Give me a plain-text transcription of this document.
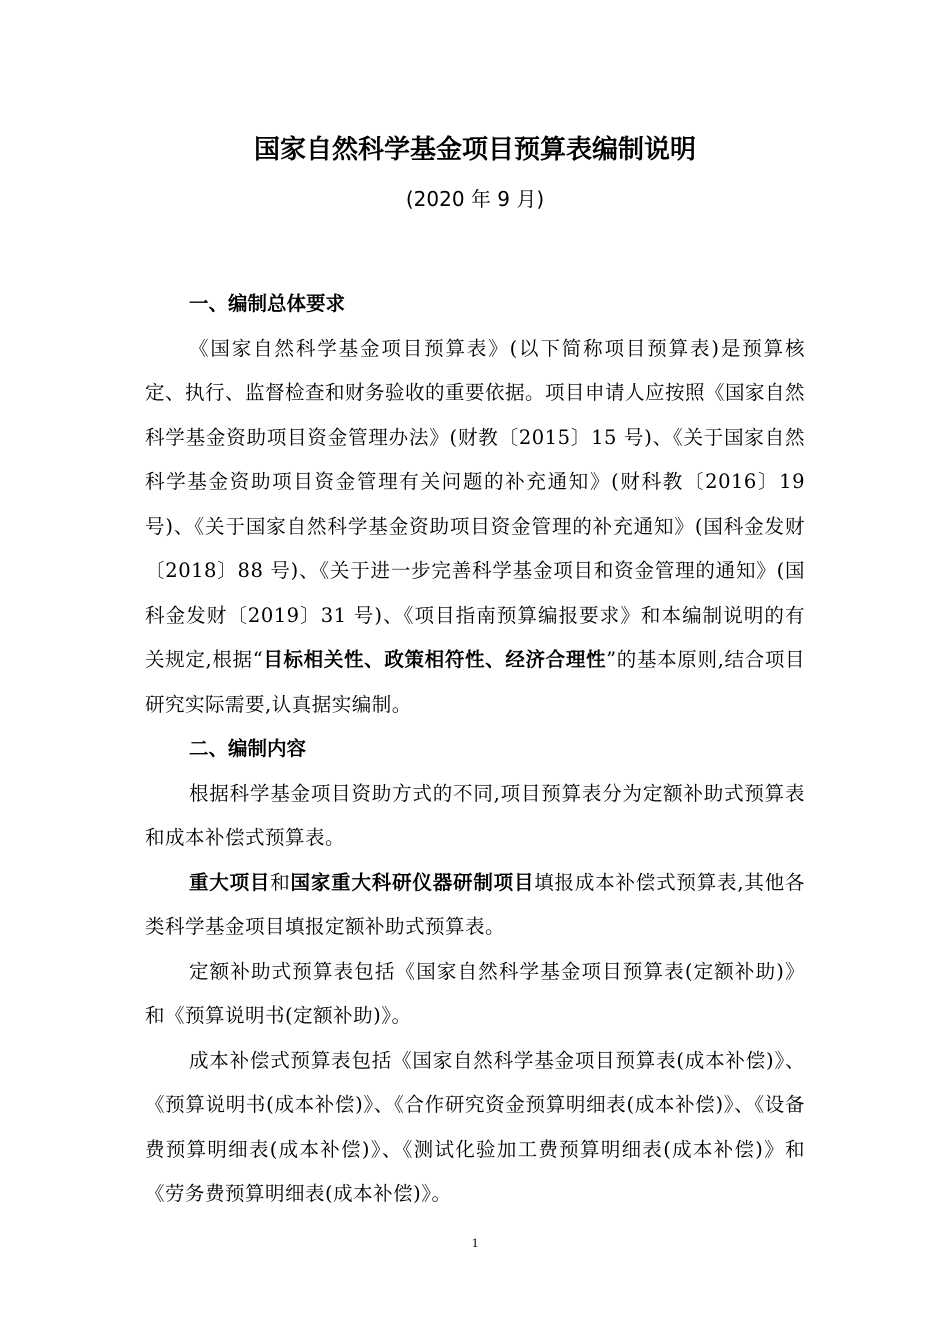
国家自然科学基金项目预算表编制说明
(2020 年 9 月)
一、编制总体要求

《国家自然科学基金项目预算表》(以下简称项目预算表)是预算核定、执行、监督检查和财务验收的重要依据。项目申请人应按照《国家自然科学基金资助项目资金管理办法》(财教〔2015〕15 号)、《关于国家自然科学基金资助项目资金管理有关问题的补充通知》(财科教〔2016〕19 号)、《关于国家自然科学基金资助项目资金管理的补充通知》(国科金发财〔2018〕88 号)、《关于进一步完善科学基金项目和资金管理的通知》(国科金发财〔2019〕31 号)、《项目指南预算编报要求》和本编制说明的有关规定,根据“目标相关性、政策相符性、经济合理性”的基本原则,结合项目研究实际需要,认真据实编制。

二、编制内容

根据科学基金项目资助方式的不同,项目预算表分为定额补助式预算表和成本补偿式预算表。

重大项目和国家重大科研仪器研制项目填报成本补偿式预算表,其他各类科学基金项目填报定额补助式预算表。

定额补助式预算表包括《国家自然科学基金项目预算表(定额补助)》和《预算说明书(定额补助)》。

成本补偿式预算表包括《国家自然科学基金项目预算表(成本补偿)》、《预算说明书(成本补偿)》、《合作研究资金预算明细表(成本补偿)》、《设备费预算明细表(成本补偿)》、《测试化验加工费预算明细表(成本补偿)》和《劳务费预算明细表(成本补偿)》。

1
